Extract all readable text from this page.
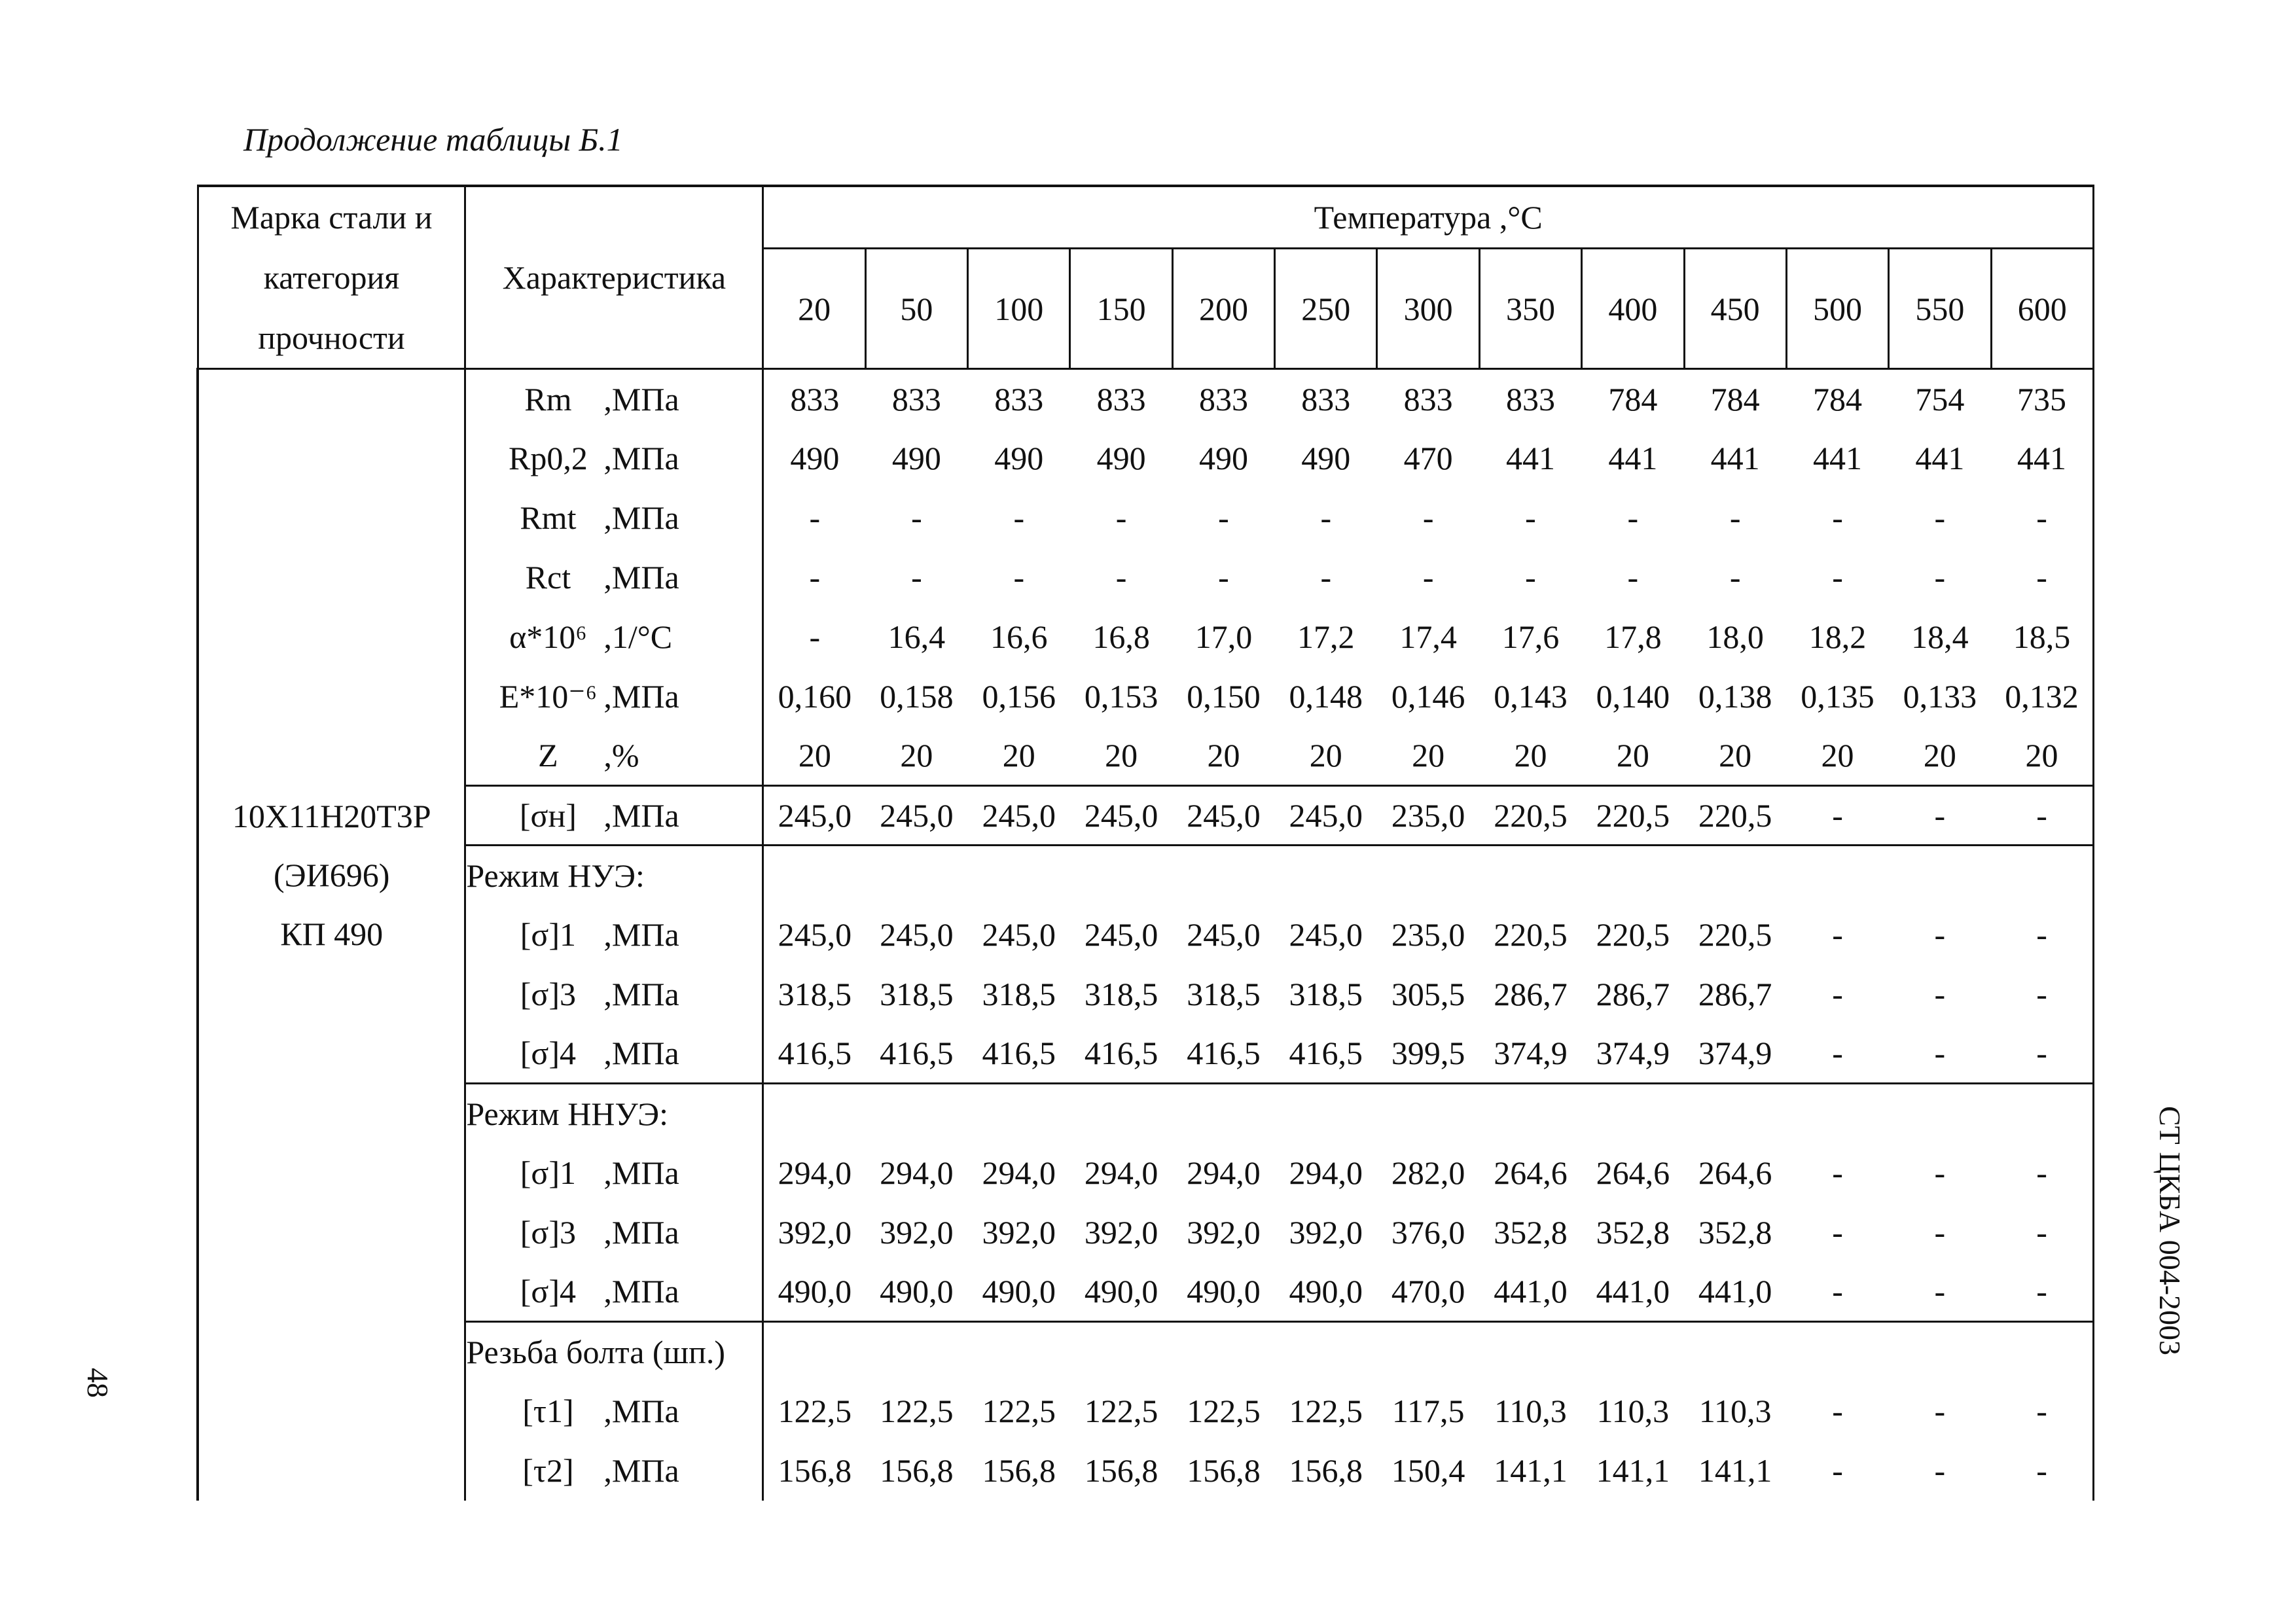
Продолжение таблицы Б.1
48
СТ ЦКБА 004-2003
Марка стали и категория прочности	Характеристика	Температура ,°С												
		20	50	100	150	200	250	300	350	400	450	500	550	600

10Х11Н20Т3Р
(ЭИ696)
КП 490	Rm ,МПа	833	833	833	833	833	833	833	833	784	784	784	754	735
	Rp0,2 ,МПа	490	490	490	490	490	490	470	441	441	441	441	441	441
	Rmt ,МПа	-	-	-	-	-	-	-	-	-	-	-	-	-
	Rct ,МПа	-	-	-	-	-	-	-	-	-	-	-	-	-
	α*10⁶ ,1/°С	-	16,4	16,6	16,8	17,0	17,2	17,4	17,6	17,8	18,0	18,2	18,4	18,5
	E*10⁻⁶ ,МПа	0,160	0,158	0,156	0,153	0,150	0,148	0,146	0,143	0,140	0,138	0,135	0,133	0,132
	Z ,%	20	20	20	20	20	20	20	20	20	20	20	20	20
	[σн] ,МПа	245,0	245,0	245,0	245,0	245,0	245,0	235,0	220,5	220,5	220,5	-	-	-
	Режим НУЭ:													
	[σ]1 ,МПа	245,0	245,0	245,0	245,0	245,0	245,0	235,0	220,5	220,5	220,5	-	-	-
	[σ]3 ,МПа	318,5	318,5	318,5	318,5	318,5	318,5	305,5	286,7	286,7	286,7	-	-	-
	[σ]4 ,МПа	416,5	416,5	416,5	416,5	416,5	416,5	399,5	374,9	374,9	374,9	-	-	-
	Режим ННУЭ:													
	[σ]1 ,МПа	294,0	294,0	294,0	294,0	294,0	294,0	282,0	264,6	264,6	264,6	-	-	-
	[σ]3 ,МПа	392,0	392,0	392,0	392,0	392,0	392,0	376,0	352,8	352,8	352,8	-	-	-
	[σ]4 ,МПа	490,0	490,0	490,0	490,0	490,0	490,0	470,0	441,0	441,0	441,0	-	-	-
	Резьба болта (шп.)													
	[τ1] ,МПа	122,5	122,5	122,5	122,5	122,5	122,5	117,5	110,3	110,3	110,3	-	-	-
	[τ2] ,МПа	156,8	156,8	156,8	156,8	156,8	156,8	150,4	141,1	141,1	141,1	-	-	-
